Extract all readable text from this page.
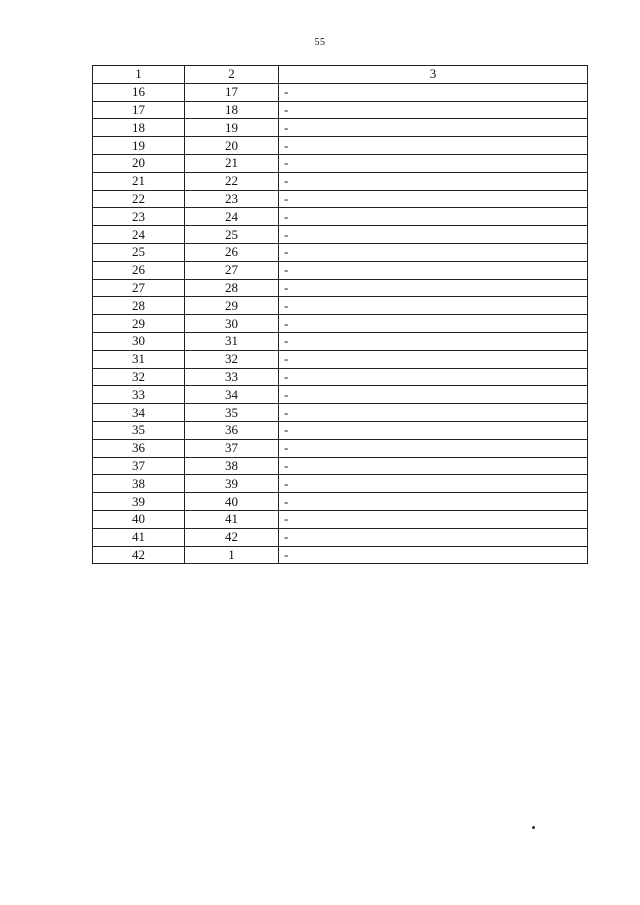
55
1	2	3
16	17	-
17	18	-
18	19	-
19	20	-
20	21	-
21	22	-
22	23	-
23	24	-
24	25	-
25	26	-
26	27	-
27	28	-
28	29	-
29	30	-
30	31	-
31	32	-
32	33	-
33	34	-
34	35	-
35	36	-
36	37	-
37	38	-
38	39	-
39	40	-
40	41	-
41	42	-
42	1	-
